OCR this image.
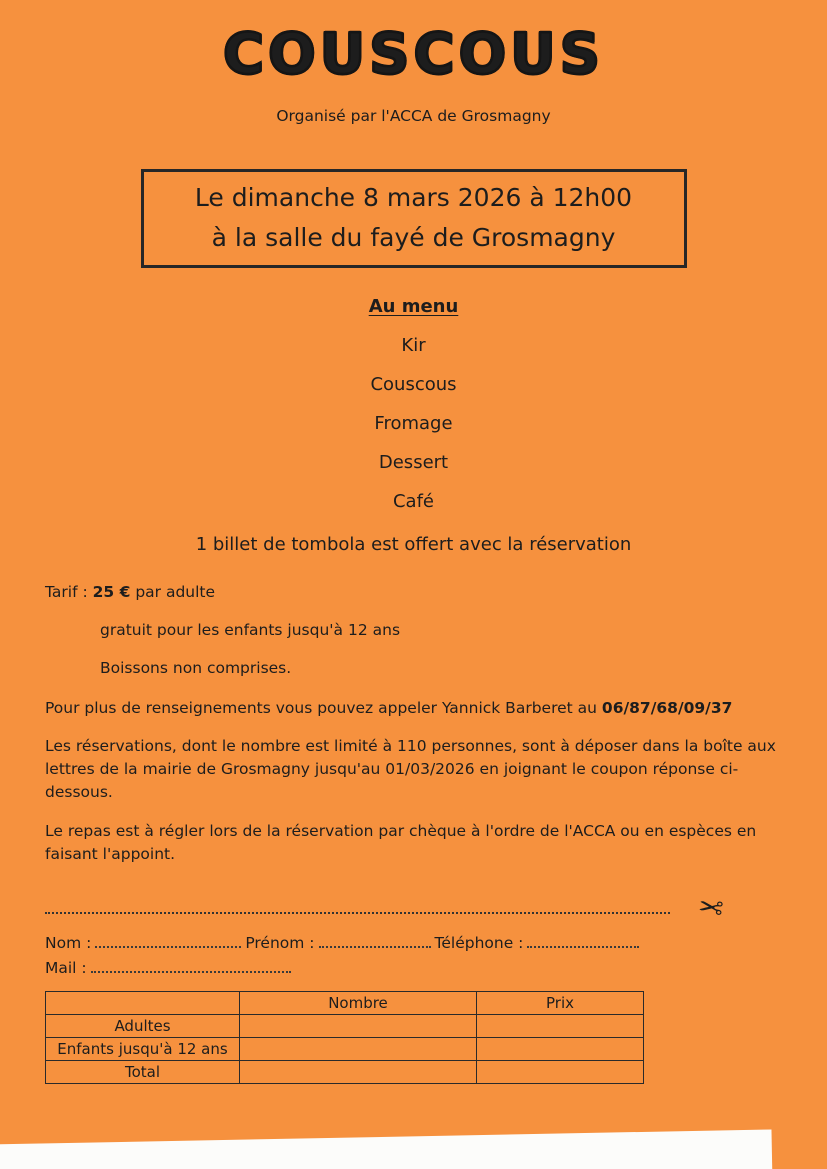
COUSCOUS
Organisé par l'ACCA de Grosmagny
Le dimanche 8 mars 2026 à 12h00
à la salle du fayé de Grosmagny
Au menu
Kir
Couscous
Fromage
Dessert
Café
1 billet de tombola est offert avec la réservation
Tarif : 25 € par adulte
gratuit pour les enfants jusqu'à 12 ans
Boissons non comprises.
Pour plus de renseignements vous pouvez appeler Yannick Barberet au 06/87/68/09/37
Les réservations, dont le nombre est limité à 110 personnes, sont à déposer dans la boîte aux lettres de la mairie de Grosmagny jusqu'au 01/03/2026 en joignant le coupon réponse ci-dessous.
Le repas est à régler lors de la réservation par chèque à l'ordre de l'ACCA ou en espèces en faisant l'appoint.
✂
Nom :	Prénom :	Téléphone :
Mail :
	Nombre	Prix
Adultes		
Enfants jusqu'à 12 ans		
Total		
